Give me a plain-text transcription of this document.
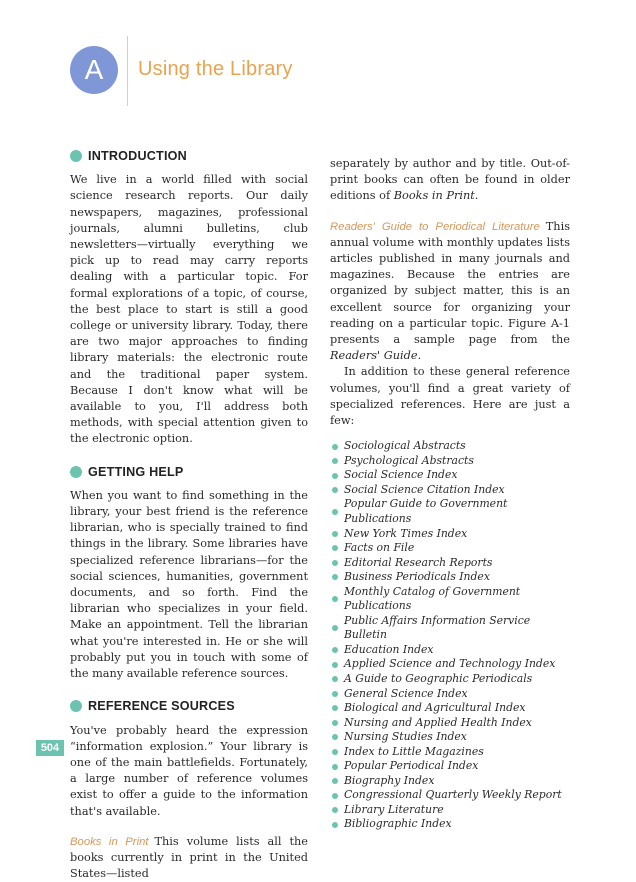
A	Using the Library
INTRODUCTION

We live in a world filled with social science research reports. Our daily newspapers, magazines, professional journals, alumni bulletins, club newsletters—virtually everything we pick up to read may carry reports dealing with a particular topic. For formal explorations of a topic, of course, the best place to start is still a good college or university library. Today, there are two major approaches to finding library materials: the electronic route and the traditional paper system. Because I don't know what will be available to you, I'll address both methods, with special attention given to the electronic option.

GETTING HELP

When you want to find something in the library, your best friend is the reference librarian, who is specially trained to find things in the library. Some libraries have specialized reference librarians—for the social sciences, humanities, government documents, and so forth. Find the librarian who specializes in your field. Make an appointment. Tell the librarian what you're interested in. He or she will probably put you in touch with some of the many available reference sources.

REFERENCE SOURCES

You've probably heard the expression “information explosion.” Your library is one of the main battlefields. Fortunately, a large number of reference volumes exist to offer a guide to the information that's available.

Books in Print This volume lists all the books currently in print in the United States—listed

separately by author and by title. Out-of-print books can often be found in older editions of Books in Print.

Readers' Guide to Periodical Literature This annual volume with monthly updates lists articles published in many journals and magazines. Because the entries are organized by subject matter, this is an excellent source for organizing your reading on a particular topic. Figure A-1 presents a sample page from the Readers' Guide.

In addition to these general reference volumes, you'll find a great variety of specialized references. Here are just a few:

Sociological Abstracts
Psychological Abstracts
Social Science Index
Social Science Citation Index
Popular Guide to Government Publications
New York Times Index
Facts on File
Editorial Research Reports
Business Periodicals Index
Monthly Catalog of Government Publications
Public Affairs Information Service Bulletin
Education Index
Applied Science and Technology Index
A Guide to Geographic Periodicals
General Science Index
Biological and Agricultural Index
Nursing and Applied Health Index
Nursing Studies Index
Index to Little Magazines
Popular Periodical Index
Biography Index
Congressional Quarterly Weekly Report
Library Literature
Bibliographic Index
504
